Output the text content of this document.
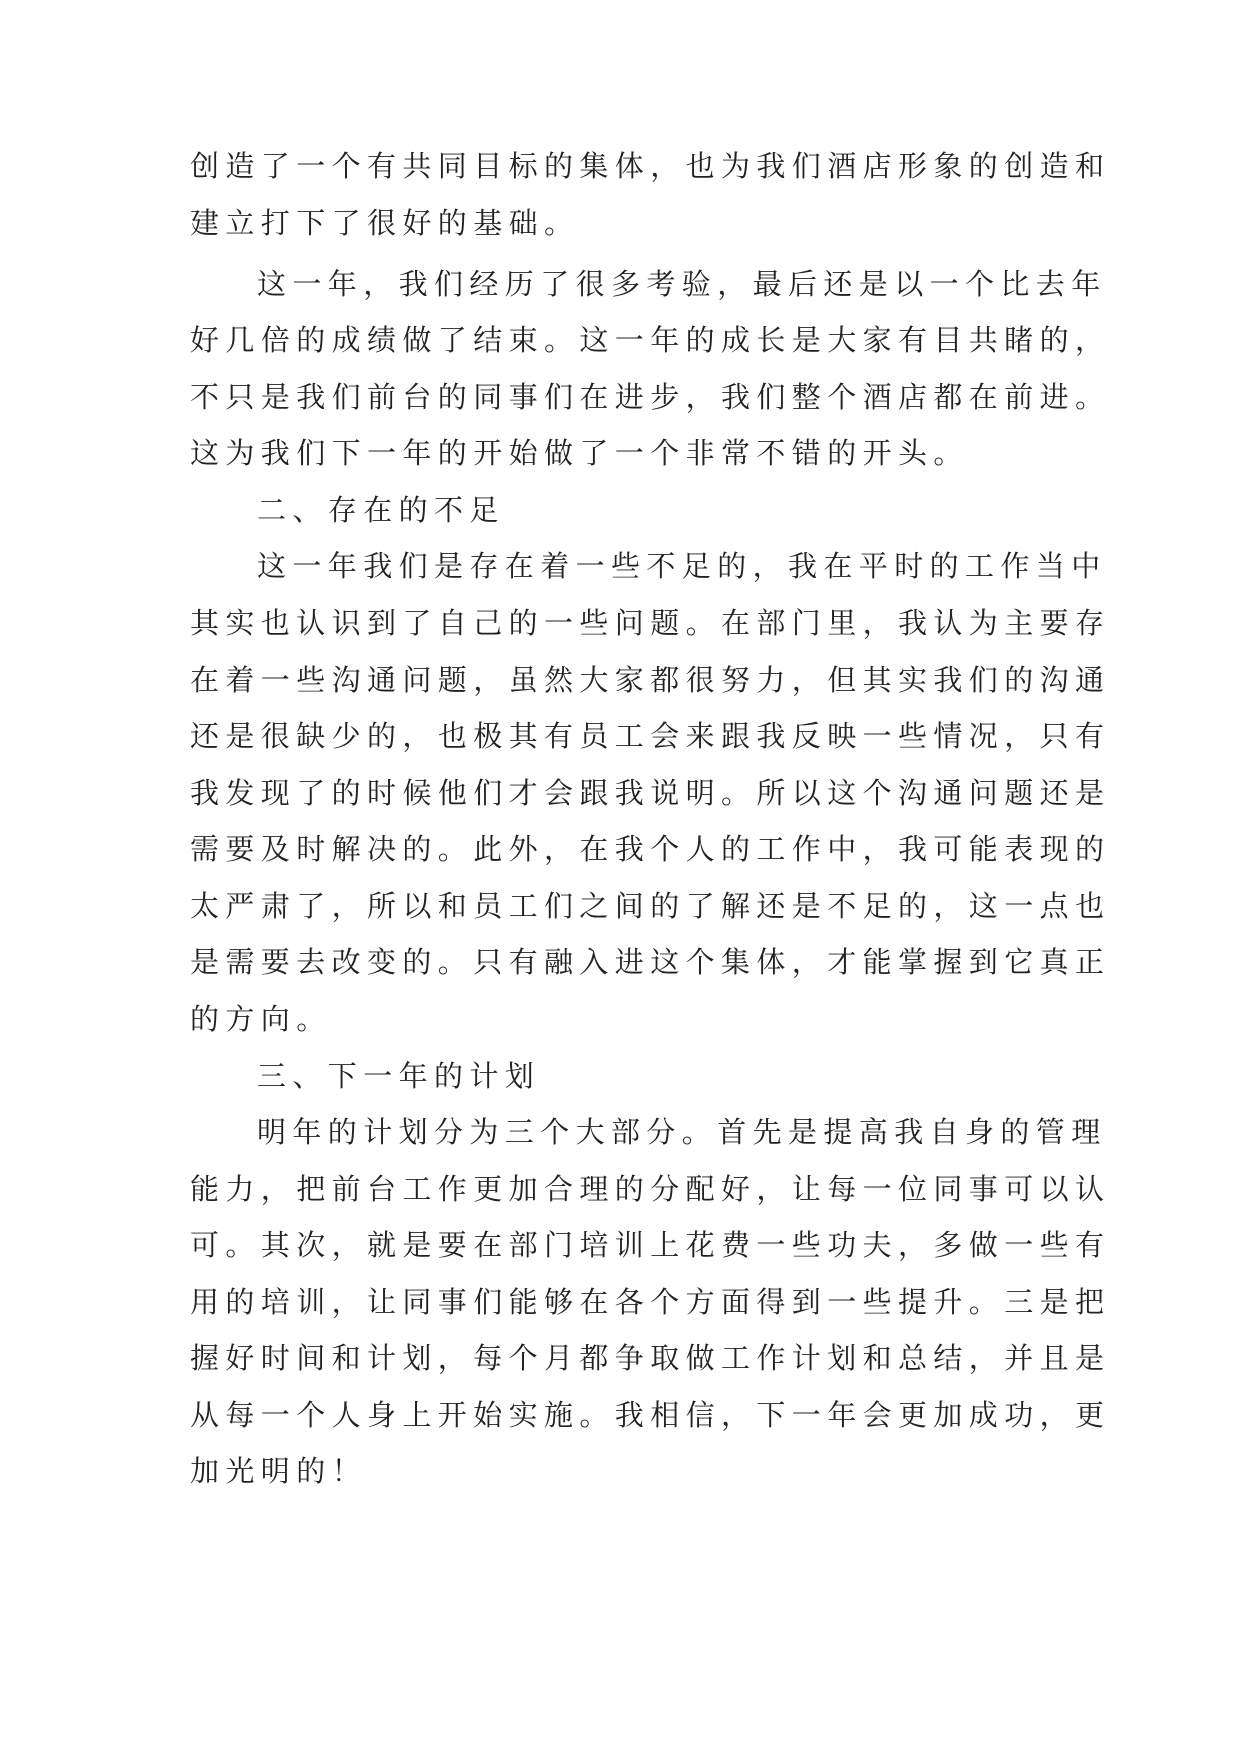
创造了一个有共同目标的集体，也为我们酒店形象的创造和
建立打下了很好的基础。
这一年，我们经历了很多考验，最后还是以一个比去年
好几倍的成绩做了结束。这一年的成长是大家有目共睹的，
不只是我们前台的同事们在进步，我们整个酒店都在前进。
这为我们下一年的开始做了一个非常不错的开头。
二、存在的不足
这一年我们是存在着一些不足的，我在平时的工作当中
其实也认识到了自己的一些问题。在部门里，我认为主要存
在着一些沟通问题，虽然大家都很努力，但其实我们的沟通
还是很缺少的，也极其有员工会来跟我反映一些情况，只有
我发现了的时候他们才会跟我说明。所以这个沟通问题还是
需要及时解决的。此外，在我个人的工作中，我可能表现的
太严肃了，所以和员工们之间的了解还是不足的，这一点也
是需要去改变的。只有融入进这个集体，才能掌握到它真正
的方向。
三、下一年的计划
明年的计划分为三个大部分。首先是提高我自身的管理
能力，把前台工作更加合理的分配好，让每一位同事可以认
可。其次，就是要在部门培训上花费一些功夫，多做一些有
用的培训，让同事们能够在各个方面得到一些提升。三是把
握好时间和计划，每个月都争取做工作计划和总结，并且是
从每一个人身上开始实施。我相信，下一年会更加成功，更
加光明的！
